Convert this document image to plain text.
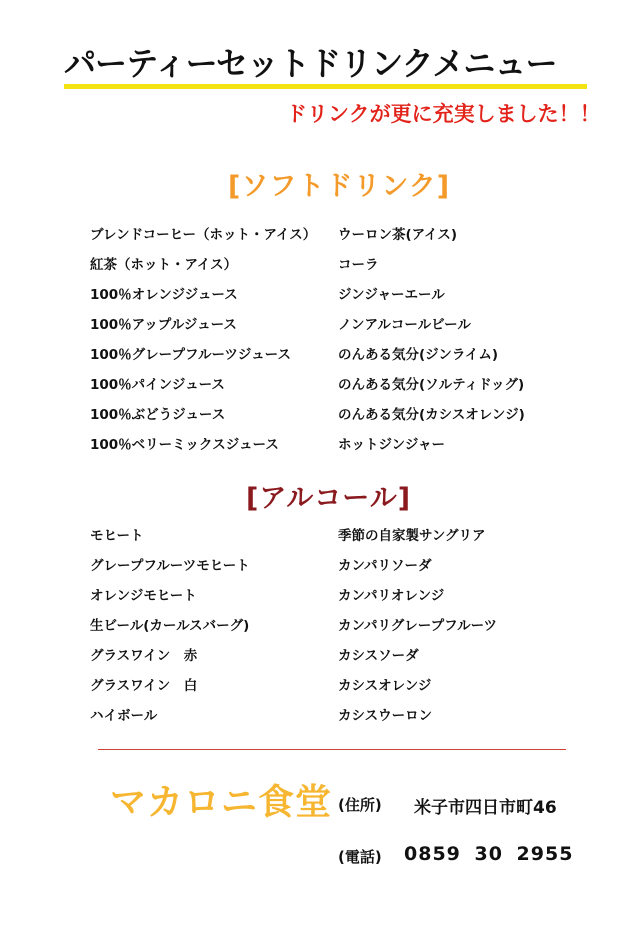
パーティーセットドリンクメニュー
ドリンクが更に充実しました！！
[ソフトドリンク]
ブレンドコーヒー（ホット・アイス）
紅茶（ホット・アイス）
100％オレンジジュース
100％アップルジュース
100％グレープフルーツジュース
100％パインジュース
100％ぶどうジュース
100％ベリーミックスジュース
ウーロン茶(アイス)
コーラ
ジンジャーエール
ノンアルコールビール
のんある気分(ジンライム)
のんある気分(ソルティドッグ)
のんある気分(カシスオレンジ)
ホットジンジャー
[アルコール]
モヒート
グレープフルーツモヒート
オレンジモヒート
生ビール(カールスバーグ)
グラスワイン　赤
グラスワイン　白
ハイボール
季節の自家製サングリア
カンパリソーダ
カンパリオレンジ
カンパリグレープフルーツ
カシスソーダ
カシスオレンジ
カシスウーロン
マカロニ食堂 (住所) 米子市四日市町46
(電話) 0859 30 2955
